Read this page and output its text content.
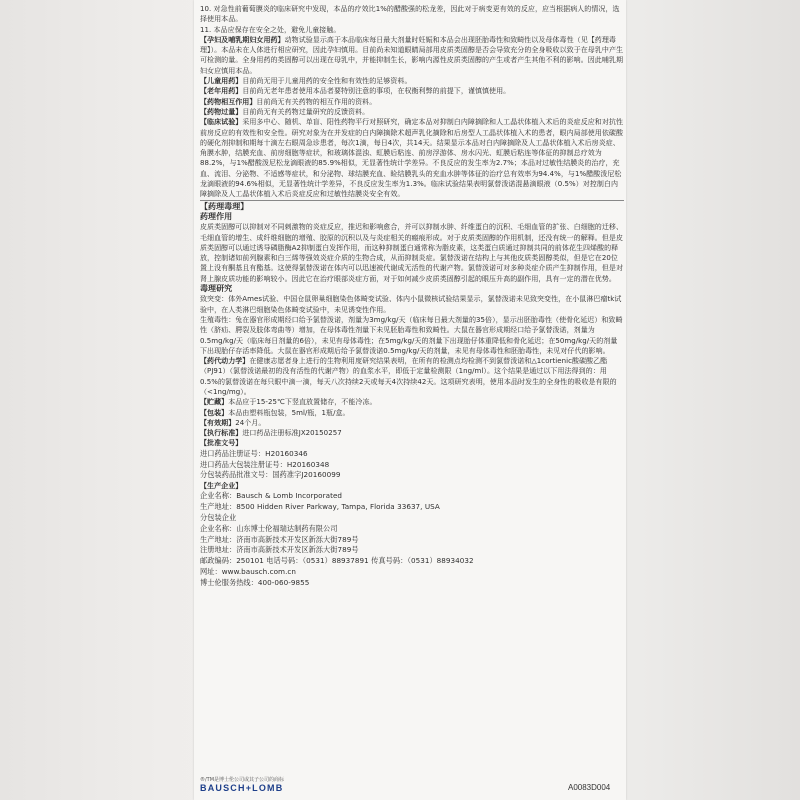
10. 对急性前葡萄膜炎的临床研究中发现，本品的疗效比1%的醋酸强的松龙差，因此对于病变更有效的反应，应当根据病人的情况，选择使用本品。

11. 本品应保存在安全之处，避免儿童接触。

【孕妇及哺乳期妇女用药】动物试验显示高于本品临床每日最大剂量时妊娠和本品会出现胚胎毒性和致畸性以及母体毒性（见【药理毒理】）。本品未在人体进行相应研究，因此孕妇慎用。目前尚未知道眼睛局部用皮质类固醇是否会导致充分的全身吸收以致于在母乳中产生可检测的量。全身用药的类固醇可以出现在母乳中，并能抑制生长，影响内源性皮质类固醇的产生或者产生其他不利的影响。因此哺乳期妇女应慎用本品。

【儿童用药】目前尚无用于儿童用药的安全性和有效性的足够资料。

【老年用药】目前尚无老年患者使用本品者要特别注意的事项，在权衡利弊的前提下，谨慎慎使用。

【药物相互作用】目前尚无有关药物的相互作用的资料。

【药物过量】目前尚无有关药物过量研究的反馈资料。

【临床试验】采用多中心、随机、单盲、阳性药物平行对照研究，确定本品对抑制白内障摘除和人工晶状体植入术后的炎症反应和对抗性前房反应的有效性和安全性。研究对象为在并发症的白内障摘除术超声乳化摘除和后房型人工晶状体植入术的患者，眼内局部使用依碳酸的硬化剂抑制和期每十滴左右眼周急诊患者，每次1滴，每日4次，共14天。结果显示本品对白内障摘除及人工晶状体植入术后房炎症、角膜水肿，结膜充血、前房细胞等症状，和玻璃体混浊、虹膜后粘连、前房浮游体、房水闪光、虹膜后粘连等体征的抑制总疗效为88.2%，与1%醋酸泼尼松龙滴眼液的85.9%相似，无显著性统计学差异。不良反应的发生率为2.7%；本品对过敏性结膜炎的治疗，充血、流泪、分泌物、不适感等症状，和分泌物、球结膜充血、睑结膜乳头的充血水肿等体征的治疗总有效率为94.4%，与1%醋酸泼尼松龙滴眼液的94.6%相似，无显著性统计学差异，不良反应发生率为1.3%。临床试验结果表明氯替泼诺混悬滴眼液（0.5%）对控制白内障摘除及人工晶状体植入术后炎症反应和过敏性结膜炎安全有效。

【药理毒理】

药理作用

皮质类固醇可以抑制对不同刺激物的炎症反应，推迟和影响愈合，并可以抑制水肿、纤维蛋白的沉积、毛细血管的扩张、白细胞的迁移、毛细血管的增生、成纤维细胞的增殖、胶原的沉积以及与炎症相关的瘢痕形成。对于皮质类固醇的作用机制，还没有统一的解释。但是皮质类固醇可以通过诱导磷脂酶A2抑制蛋白发挥作用，而这种抑制蛋白通常称为脂皮素，这类蛋白质通过抑制共同的前体花生四烯酸的释放，控制诸如前列腺素和白三烯等强效炎症介质的生物合成，从而抑制炎症。氯替泼诺在结构上与其他皮质类固醇类似，但是它在20位置上没有酮基且有酯基。这使得氯替泼诺在体内可以迅速被代谢成无活性的代谢产物。氯替泼诺可对多种炎症介质产生抑制作用，但是对肾上腺皮质功能的影响较小。因此它在治疗眼部炎症方面，对于如何减少皮质类固醇引起的眼压升高的副作用，具有一定的潜在优势。

毒理研究

致突变：体外Ames试验、中国仓鼠卵巢细胞染色体畸变试验、体内小鼠微核试验结果显示，氯替泼诺未见致突变性，在小鼠淋巴瘤tk试验中，在人类淋巴细胞染色体畸变试验中，未见诱变性作用。

生殖毒性：兔在器官形成期经口给予氯替泼诺，剂量为3mg/kg/天（临床每日最大剂量的35倍），显示出胚胎毒性（使骨化延迟）和致畸性（脐疝、腭裂及肢体弯曲等）增加，在母体毒性剂量下未见胚胎毒性和致畸性。大鼠在器官形成期经口给予氯替泼诺，剂量为0.5mg/kg/天（临床每日剂量的6倍），未见有母体毒性；在5mg/kg/天的剂量下出现胎仔体重降低和骨化延迟；在50mg/kg/天的剂量下出现胎仔存活率降低。大鼠在器官形成期后给予氯替泼诺0.5mg/kg/天的剂量，未见有母体毒性和胚胎毒性，未见对仔代的影响。

【药代动力学】在健康志愿者身上进行的生物利用度研究结果表明，在所有的检测点均检测不到氯替泼诺和△1cortienic酸碳酸乙酯（PJ91）（氯替泼诺最初的没有活性的代谢产物）的血浆水平，即低于定量检测限（1ng/ml）。这个结果是通过以下用法得到的：用0.5%的氯替泼诺在每只眼中滴一滴，每天八次持续2天或每天4次持续42天。这项研究表明，使用本品时发生的全身性的吸收是有限的（<1ng/mg）。

【贮藏】本品应于15-25℃下竖直放置储存，不能冷冻。

【包装】本品由塑料瓶包装，5ml/瓶，1瓶/盒。

【有效期】24个月。

【执行标准】进口药品注册标准JX20150257

【批准文号】

进口药品注册证号：H20160346

进口药品大包装注册证号：H20160348

分包装药品批准文号：国药准字J20160099

【生产企业】

企业名称：Bausch & Lomb Incorporated

生产地址：8500 Hidden River Parkway, Tampa, Florida 33637, USA

分包装企业

企业名称：山东博士伦福瑞达制药有限公司

生产地址：济南市高新技术开发区新泺大街789号

注册地址：济南市高新技术开发区新泺大街789号

邮政编码：250101 电话号码：（0531）88937891 传真号码：（0531）88934032

网址：www.bausch.com.cn

博士伦服务热线：400-060-9855

®/TM是博士伦公司或其子公司的商标
BAUSCH+LOMB	A0083D004
